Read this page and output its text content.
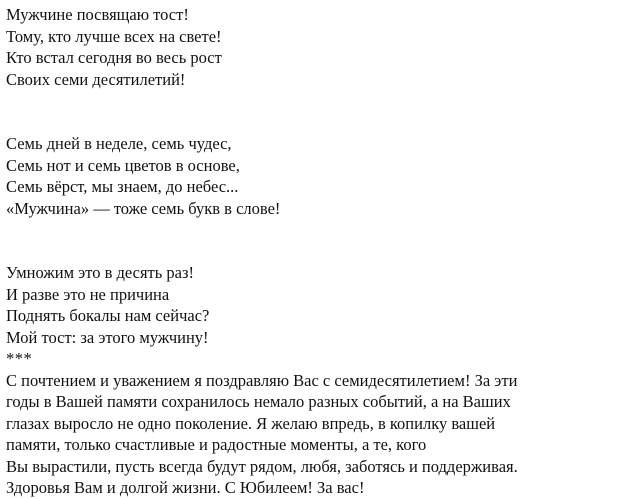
Мужчине посвящаю тост!
Тому, кто лучше всех на свете!
Кто встал сегодня во весь рост
Своих семи десятилетий!
Семь дней в неделе, семь чудес,
Семь нот и семь цветов в основе,
Семь вёрст, мы знаем, до небес...
«Мужчина» — тоже семь букв в слове!
Умножим это в десять раз!
И разве это не причина
Поднять бокалы нам сейчас?
Мой тост: за этого мужчину!
***
С почтением и уважением я поздравляю Вас с семидесятилетием! За эти
годы в Вашей памяти сохранилось немало разных событий, а на Ваших
глазах выросло не одно поколение. Я желаю впредь, в копилку вашей
памяти, только счастливые и радостные моменты, а те, кого
Вы вырастили, пусть всегда будут рядом, любя, заботясь и поддерживая.
Здоровья Вам и долгой жизни. С Юбилеем! За вас!
